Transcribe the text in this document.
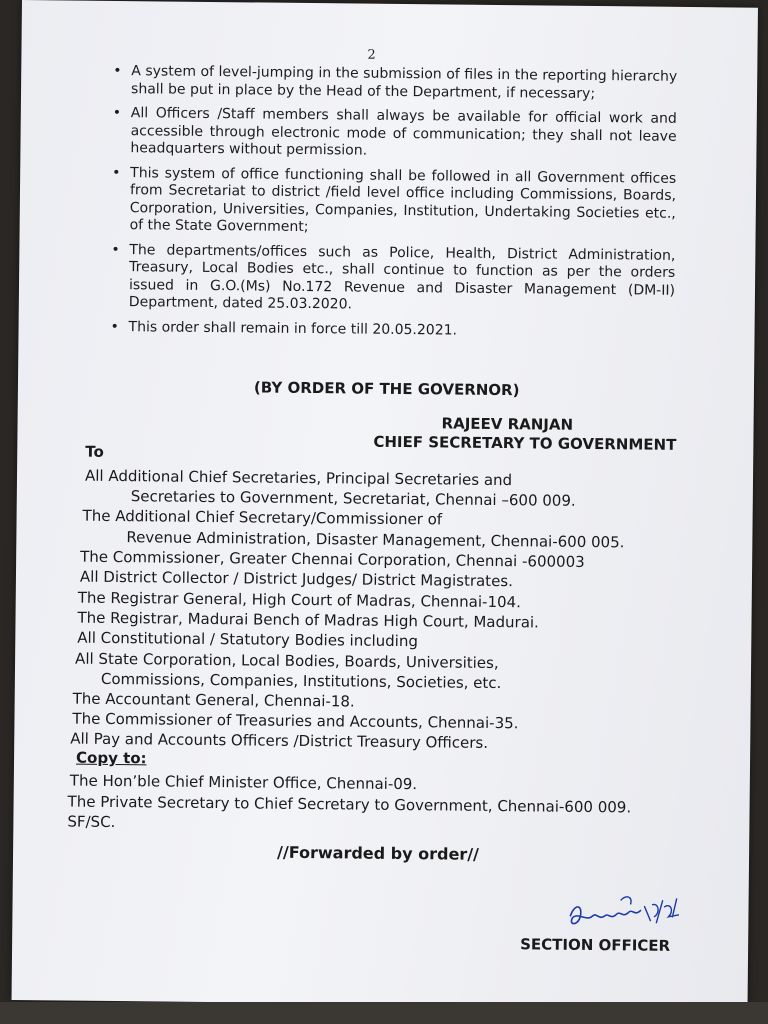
2
• A system of level-jumping in the submission of files in the reporting hierarchy shall be put in place by the Head of the Department, if necessary;
• All Officers /Staff members shall always be available for official work and accessible through electronic mode of communication; they shall not leave headquarters without permission.
• This system of office functioning shall be followed in all Government offices from Secretariat to district /field level office including Commissions, Boards, Corporation, Universities, Companies, Institution, Undertaking Societies etc., of the State Government;
• The departments/offices such as Police, Health, District Administration, Treasury, Local Bodies etc., shall continue to function as per the orders issued in G.O.(Ms) No.172 Revenue and Disaster Management (DM-II) Department, dated 25.03.2020.
• This order shall remain in force till 20.05.2021.
(BY ORDER OF THE GOVERNOR)
RAJEEV RANJAN
CHIEF SECRETARY TO GOVERNMENT
To
All Additional Chief Secretaries, Principal Secretaries and
Secretaries to Government, Secretariat, Chennai –600 009.
The Additional Chief Secretary/Commissioner of
Revenue Administration, Disaster Management, Chennai-600 005.
The Commissioner, Greater Chennai Corporation, Chennai -600003
All District Collector / District Judges/ District Magistrates.
The Registrar General, High Court of Madras, Chennai-104.
The Registrar, Madurai Bench of Madras High Court, Madurai.
All Constitutional / Statutory Bodies including
All State Corporation, Local Bodies, Boards, Universities,
Commissions, Companies, Institutions, Societies, etc.
The Accountant General, Chennai-18.
The Commissioner of Treasuries and Accounts, Chennai-35.
All Pay and Accounts Officers /District Treasury Officers.
Copy to:
The Hon’ble Chief Minister Office, Chennai-09.
The Private Secretary to Chief Secretary to Government, Chennai-600 009.
SF/SC.
//Forwarded by order//
SECTION OFFICER
